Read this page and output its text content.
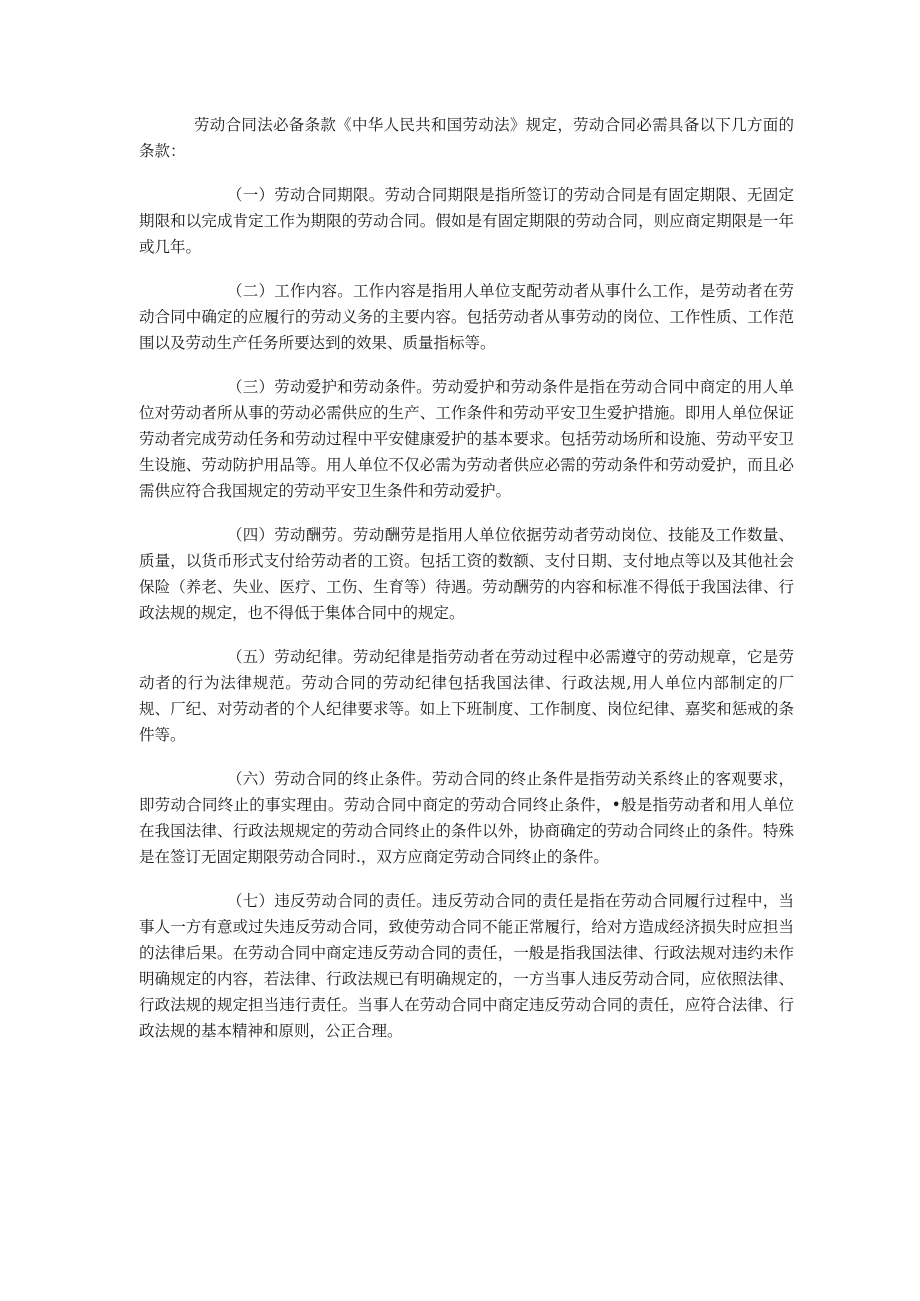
劳动合同法必备条款《中华人民共和国劳动法》规定，劳动合同必需具备以下几方面的条款：

（一）劳动合同期限。劳动合同期限是指所签订的劳动合同是有固定期限、无固定期限和以完成肯定工作为期限的劳动合同。假如是有固定期限的劳动合同，则应商定期限是一年或几年。

（二）工作内容。工作内容是指用人单位支配劳动者从事什么工作，是劳动者在劳动合同中确定的应履行的劳动义务的主要内容。包括劳动者从事劳动的岗位、工作性质、工作范围以及劳动生产任务所要达到的效果、质量指标等。

（三）劳动爱护和劳动条件。劳动爱护和劳动条件是指在劳动合同中商定的用人单位对劳动者所从事的劳动必需供应的生产、工作条件和劳动平安卫生爱护措施。即用人单位保证劳动者完成劳动任务和劳动过程中平安健康爱护的基本要求。包括劳动场所和设施、劳动平安卫生设施、劳动防护用品等。用人单位不仅必需为劳动者供应必需的劳动条件和劳动爱护，而且必需供应符合我国规定的劳动平安卫生条件和劳动爱护。

（四）劳动酬劳。劳动酬劳是指用人单位依据劳动者劳动岗位、技能及工作数量、质量，以货币形式支付给劳动者的工资。包括工资的数额、支付日期、支付地点等以及其他社会保险（养老、失业、医疗、工伤、生育等）待遇。劳动酬劳的内容和标准不得低于我国法律、行政法规的规定，也不得低于集体合同中的规定。

（五）劳动纪律。劳动纪律是指劳动者在劳动过程中必需遵守的劳动规章，它是劳动者的行为法律规范。劳动合同的劳动纪律包括我国法律、行政法规,用人单位内部制定的厂规、厂纪、对劳动者的个人纪律要求等。如上下班制度、工作制度、岗位纪律、嘉奖和惩戒的条件等。

（六）劳动合同的终止条件。劳动合同的终止条件是指劳动关系终止的客观要求，即劳动合同终止的事实理由。劳动合同中商定的劳动合同终止条件，•般是指劳动者和用人单位在我国法律、行政法规规定的劳动合同终止的条件以外，协商确定的劳动合同终止的条件。特殊是在签订无固定期限劳动合同时.，双方应商定劳动合同终止的条件。

（七）违反劳动合同的责任。违反劳动合同的责任是指在劳动合同履行过程中，当事人一方有意或过失违反劳动合同，致使劳动合同不能正常履行，给对方造成经济损失时应担当的法律后果。在劳动合同中商定违反劳动合同的责任，一般是指我国法律、行政法规对违约未作明确规定的内容，若法律、行政法规已有明确规定的，一方当事人违反劳动合同，应依照法律、行政法规的规定担当违行责任。当事人在劳动合同中商定违反劳动合同的责任，应符合法律、行政法规的基本精神和原则，公正合理。
